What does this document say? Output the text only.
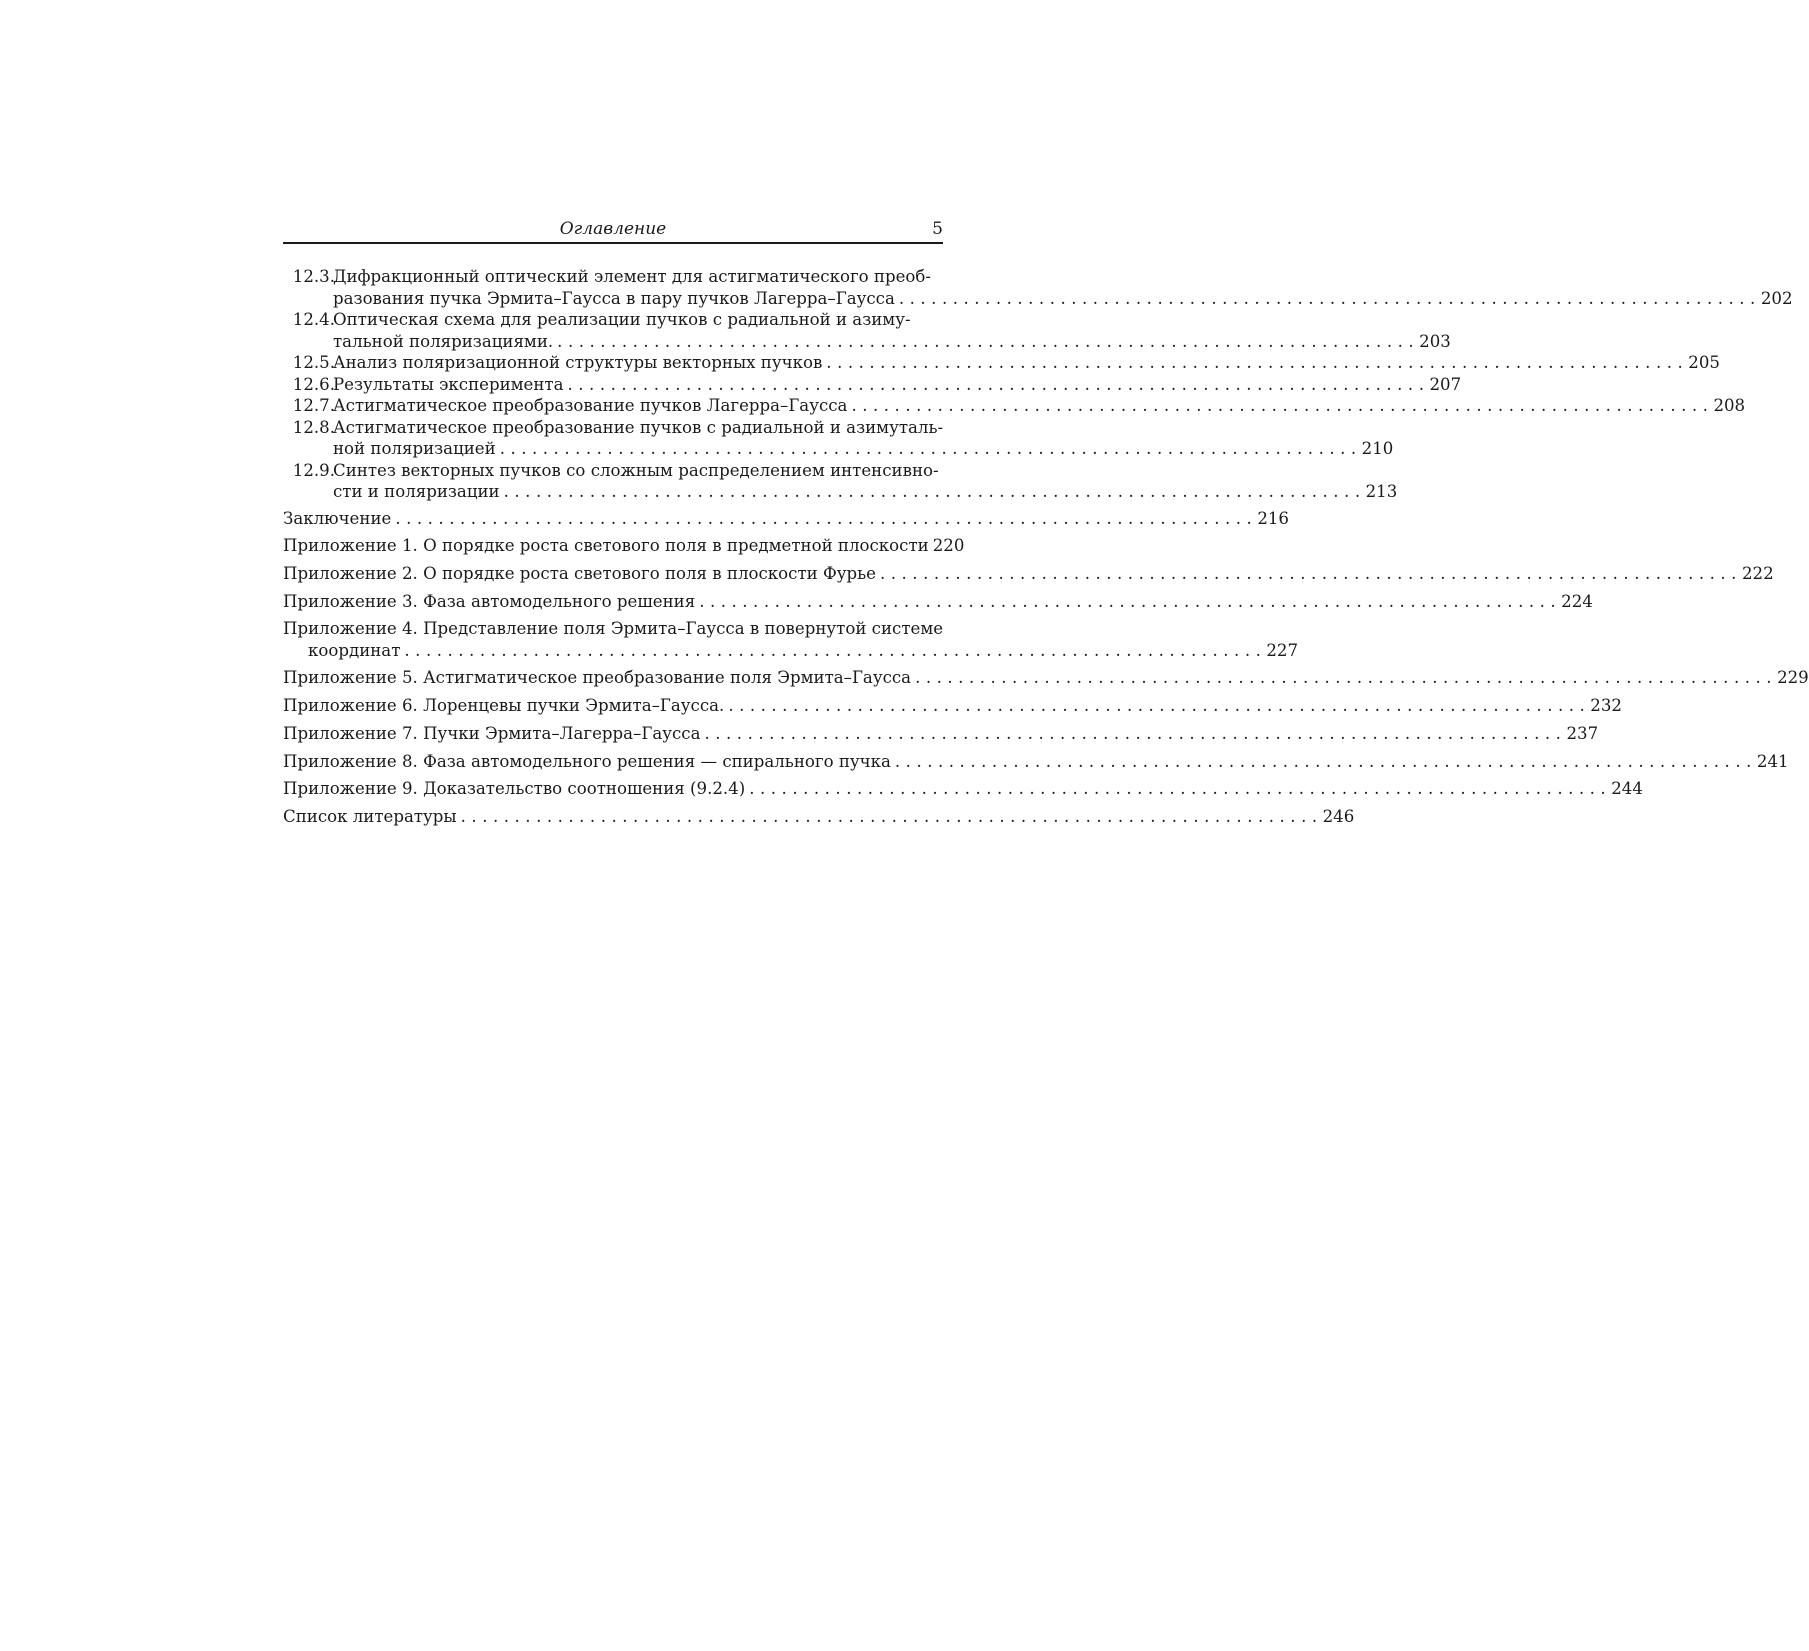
Оглавление	5
12.3.
Дифракционный оптический элемент для астигматического преоб-
разования пучка Эрмита–Гаусса в пару пучков Лагерра–Гаусса ................................................................................ 202
12.4.
Оптическая схема для реализации пучков с радиальной и азиму-
тальной поляризациями. ................................................................................ 203
12.5.
Анализ поляризационной структуры векторных пучков ................................................................................ 205
12.6.
Результаты эксперимента ................................................................................ 207
12.7.
Астигматическое преобразование пучков Лагерра–Гаусса ................................................................................ 208
12.8.
Астигматическое преобразование пучков с радиальной и азимуталь-
ной поляризацией ................................................................................ 210
12.9.
Синтез векторных пучков со сложным распределением интенсивно-
сти и поляризации ................................................................................ 213
Заключение ................................................................................ 216
Приложение 1. О порядке роста светового поля в предметной плоскости 220
Приложение 2. О порядке роста светового поля в плоскости Фурье ................................................................................ 222
Приложение 3. Фаза автомодельного решения ................................................................................ 224
Приложение 4. Представление поля Эрмита–Гаусса в повернутой системе
координат ................................................................................ 227
Приложение 5. Астигматическое преобразование поля Эрмита–Гаусса ................................................................................ 229
Приложение 6. Лоренцевы пучки Эрмита–Гаусса. ................................................................................ 232
Приложение 7. Пучки Эрмита–Лагерра–Гаусса ................................................................................ 237
Приложение 8. Фаза автомодельного решения — спирального пучка ................................................................................ 241
Приложение 9. Доказательство соотношения (9.2.4) ................................................................................ 244
Список литературы ................................................................................ 246
